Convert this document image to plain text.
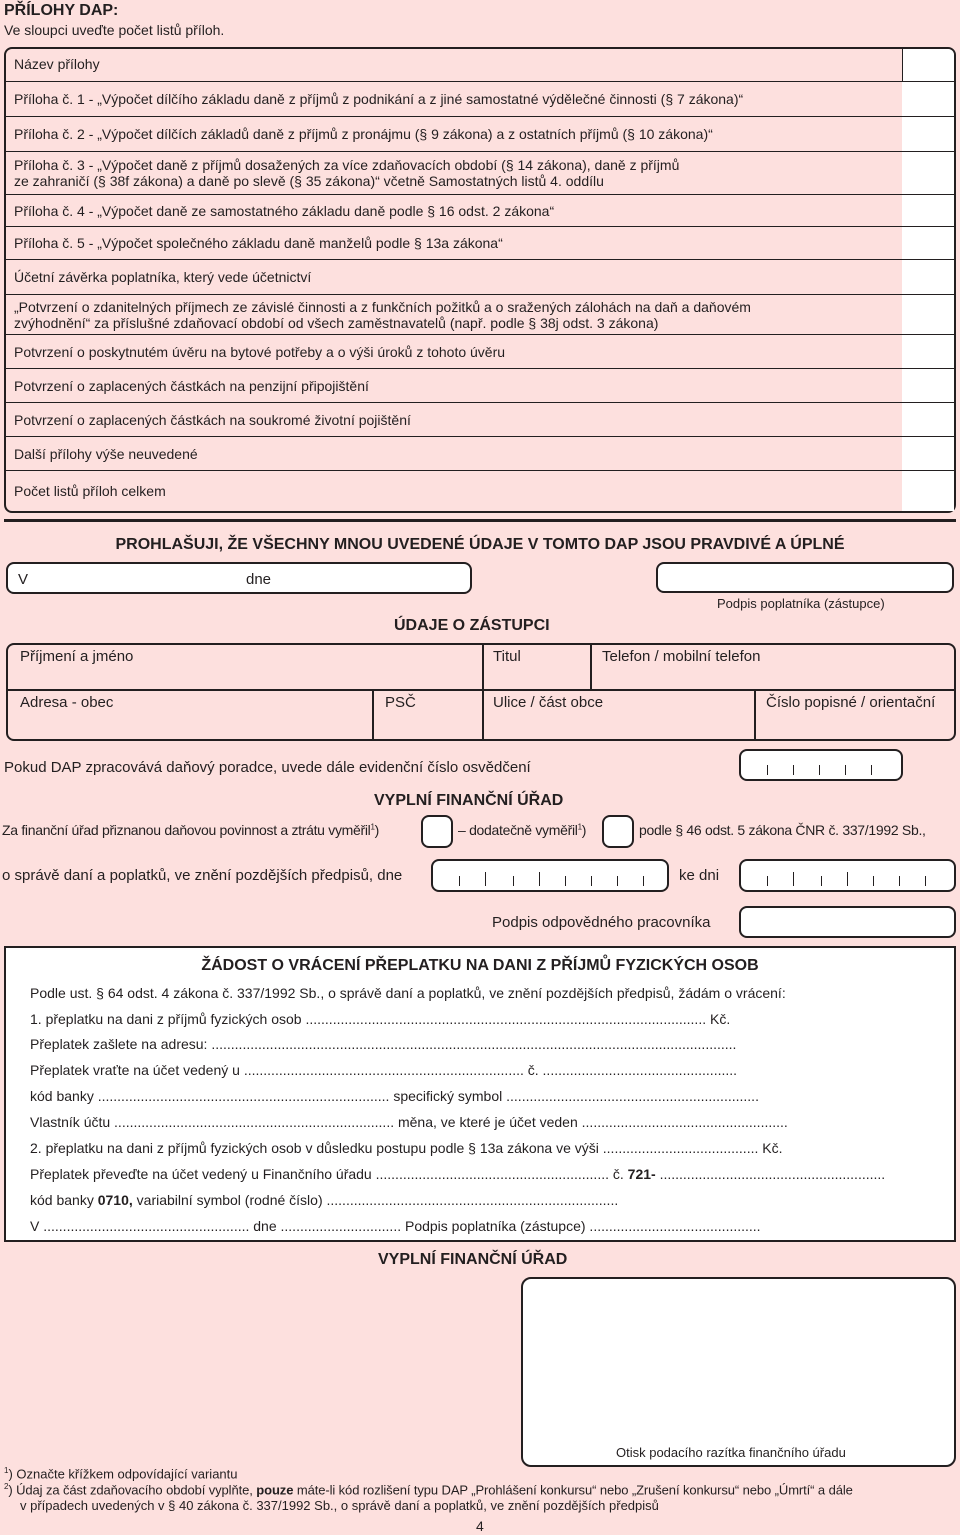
PŘÍLOHY DAP:
Ve sloupci uveďte počet listů příloh.
Název přílohy
Příloha č. 1 - „Výpočet dílčího základu daně z příjmů z podnikání a z jiné samostatné výdělečné činnosti (§ 7 zákona)“
Příloha č. 2 - „Výpočet dílčích základů daně z příjmů z pronájmu (§ 9 zákona) a z ostatních příjmů (§ 10 zákona)“
Příloha č. 3 - „Výpočet daně z příjmů dosažených za více zdaňovacích období (§ 14 zákona), daně z příjmů
ze zahraničí (§ 38f zákona) a daně po slevě (§ 35 zákona)“ včetně Samostatných listů 4. oddílu
Příloha č. 4 - „Výpočet daně ze samostatného základu daně podle § 16 odst. 2 zákona“
Příloha č. 5 - „Výpočet společného základu daně manželů podle § 13a zákona“
Účetní závěrka poplatníka, který vede účetnictví
„Potvrzení o zdanitelných příjmech ze závislé činnosti a z funkčních požitků a o sražených zálohách na daň a daňovém
zvýhodnění“ za příslušné zdaňovací období od všech zaměstnavatelů (např. podle § 38j odst. 3 zákona)
Potvrzení o poskytnutém úvěru na bytové potřeby a o výši úroků z tohoto úvěru
Potvrzení o zaplacených částkách na penzijní připojištění
Potvrzení o zaplacených částkách na soukromé životní pojištění
Další přílohy výše neuvedené
Počet listů příloh celkem
PROHLAŠUJI, ŽE VŠECHNY MNOU UVEDENÉ ÚDAJE V TOMTO DAP JSOU PRAVDIVÉ A ÚPLNÉ
V	dne
Podpis poplatníka (zástupce)
ÚDAJE O ZÁSTUPCI
Příjmení a jméno	Titul	Telefon / mobilní telefon
Adresa - obec	PSČ	Ulice / část obce	Číslo popisné / orientační
Pokud DAP zpracovává daňový poradce, uvede dále evidenční číslo osvědčení
VYPLNÍ FINANČNÍ ÚŘAD
Za finanční úřad přiznanou daňovou povinnost a ztrátu vyměřil$^1$)	– dodatečně vyměřil$^1$)	podle § 46 odst. 5 zákona ČNR č. 337/1992 Sb.,
o správě daní a poplatků, ve znění pozdějších předpisů, dne	ke dni
Podpis odpovědného pracovníka
ŽÁDOST O VRÁCENÍ PŘEPLATKU NA DANI Z PŘÍJMŮ FYZICKÝCH OSOB
Podle ust. § 64 odst. 4 zákona č. 337/1992 Sb., o správě daní a poplatků, ve znění pozdějších předpisů, žádám o vrácení:
1. přeplatku na dani z příjmů fyzických osob ....................................................................................................... Kč.
Přeplatek zašlete na adresu: .......................................................................................................................................
Přeplatek vraťte na účet vedený u ........................................................................ č. ..................................................
kód banky ........................................................................... specifický symbol .................................................................
Vlastník účtu ........................................................................ měna, ve které je účet veden .....................................................
2. přeplatku na dani z příjmů fyzických osob v důsledku postupu podle § 13a zákona ve výši ........................................ Kč.
Přeplatek převeďte na účet vedený u Finančního úřadu ............................................................ č. 721- ..........................................................
kód banky 0710, variabilní symbol (rodné číslo) ...........................................................................
V ..................................................... dne ............................... Podpis poplatníka (zástupce) ............................................
VYPLNÍ FINANČNÍ ÚŘAD
Otisk podacího razítka finančního úřadu
$^1$) Označte křížkem odpovídající variantu
$^2$) Údaj za část zdaňovacího období vyplňte, pouze máte-li kód rozlišení typu DAP „Prohlášení konkursu“ nebo „Zrušení konkursu“ nebo „Úmrtí“ a dále
v případech uvedených v § 40 zákona č. 337/1992 Sb., o správě daní a poplatků, ve znění pozdějších předpisů
4
